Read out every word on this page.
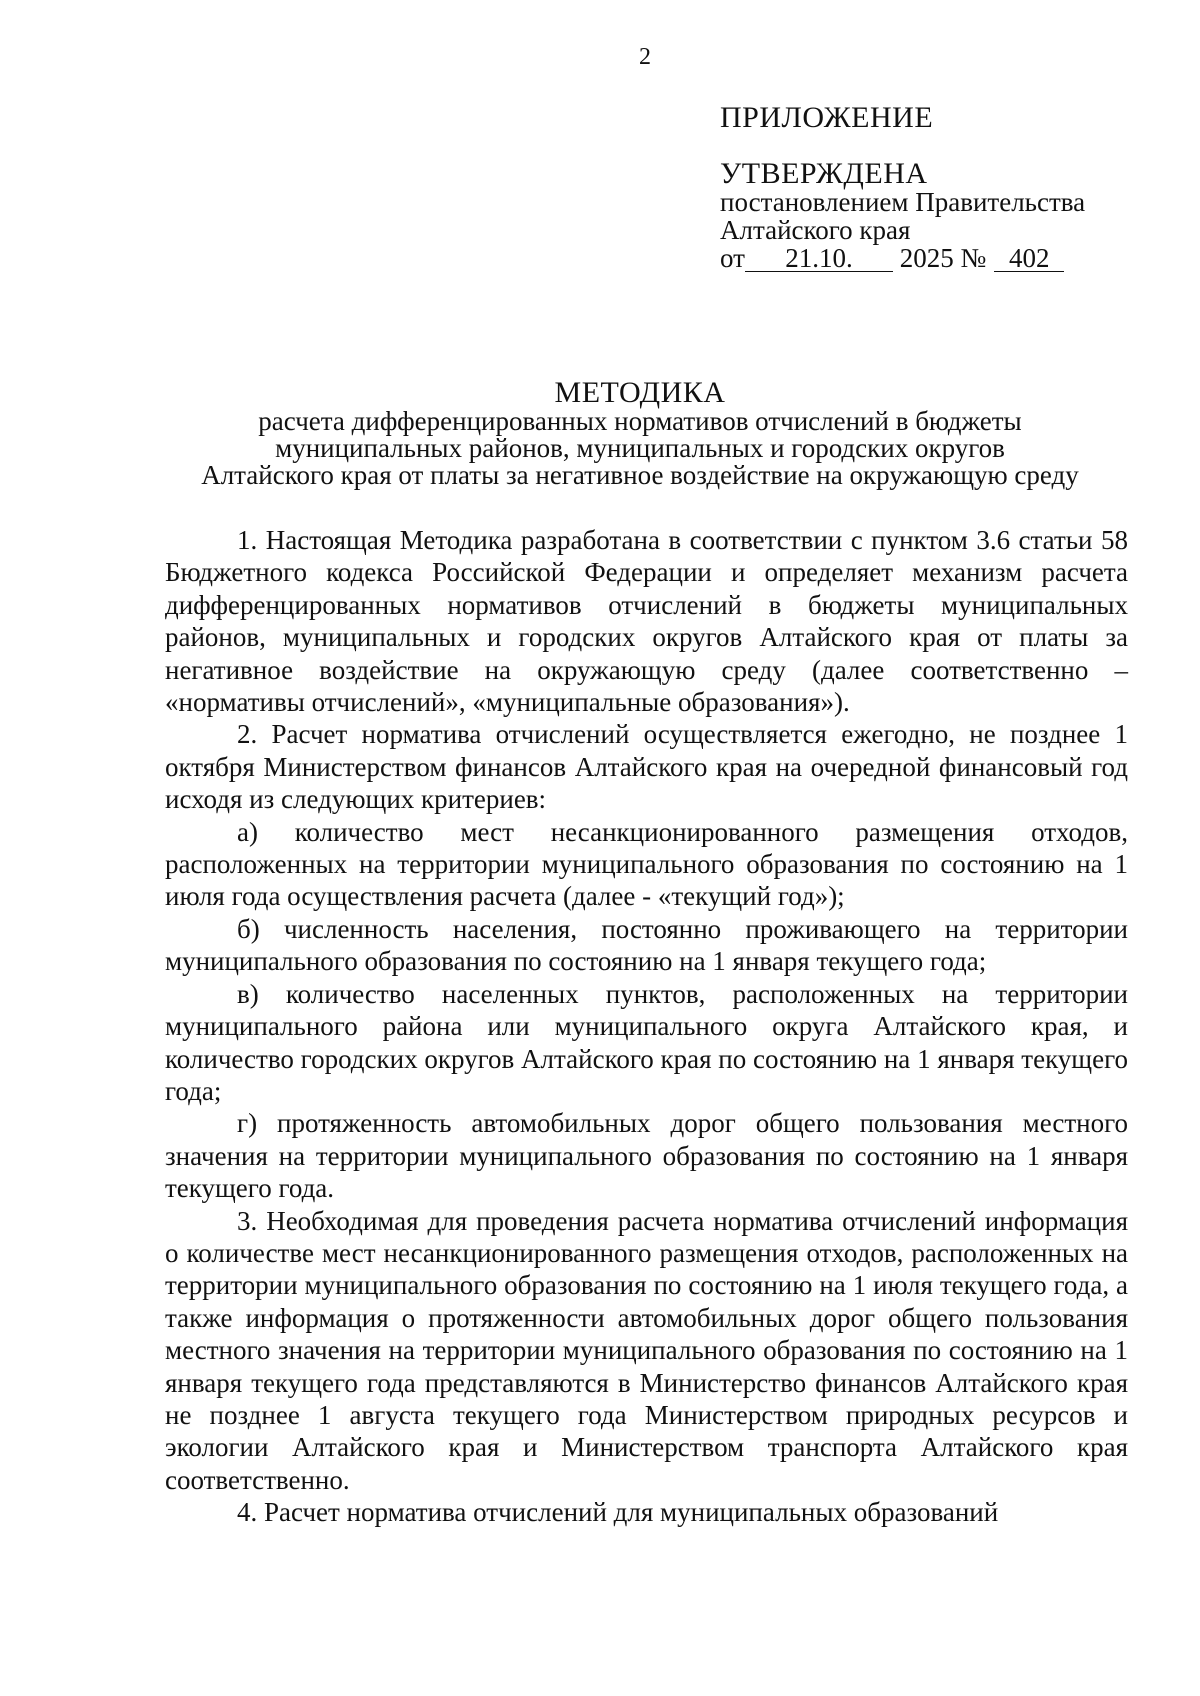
2
ПРИЛОЖЕНИЕ
УТВЕРЖДЕНА
постановлением Правительства
Алтайского края
от 21.10. 2025 № 402
МЕТОДИКА
расчета дифференцированных нормативов отчислений в бюджеты
муниципальных районов, муниципальных и городских округов
Алтайского края от платы за негативное воздействие на окружающую среду

1. Настоящая Методика разработана в соответствии с пунктом 3.6 статьи 58 Бюджетного кодекса Российской Федерации и определяет механизм расчета дифференцированных нормативов отчислений в бюджеты муниципальных районов, муниципальных и городских округов Алтайского края от платы за негативное воздействие на окружающую среду (далее соответственно – «нормативы отчислений», «муниципальные образования»).

2. Расчет норматива отчислений осуществляется ежегодно, не позднее 1 октября Министерством финансов Алтайского края на очередной финансовый год исходя из следующих критериев:

а) количество мест несанкционированного размещения отходов, расположенных на территории муниципального образования по состоянию на 1 июля года осуществления расчета (далее - «текущий год»);

б) численность населения, постоянно проживающего на территории муниципального образования по состоянию на 1 января текущего года;

в) количество населенных пунктов, расположенных на территории муниципального района или муниципального округа Алтайского края, и количество городских округов Алтайского края по состоянию на 1 января текущего года;

г) протяженность автомобильных дорог общего пользования местного значения на территории муниципального образования по состоянию на 1 января текущего года.

3. Необходимая для проведения расчета норматива отчислений информация о количестве мест несанкционированного размещения отходов, расположенных на территории муниципального образования по состоянию на 1 июля текущего года, а также информация о протяженности автомобильных дорог общего пользования местного значения на территории муниципального образования по состоянию на 1 января текущего года представляются в Министерство финансов Алтайского края не позднее 1 августа текущего года Министерством природных ресурсов и экологии Алтайского края и Министерством транспорта Алтайского края соответственно.

4. Расчет норматива отчислений для муниципальных образований
